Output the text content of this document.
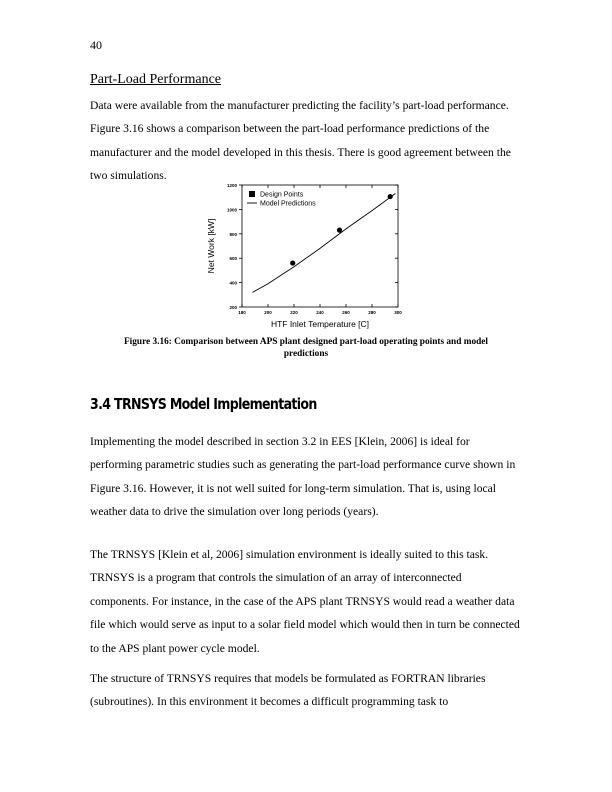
40
Part-Load Performance

Data were available from the manufacturer predicting the facility’s part-load performance. Figure 3.16 shows a comparison between the part-load performance predictions of the manufacturer and the model developed in this thesis. There is good agreement between the two simulations.

200
400
600
800
1000
1200
180	200	220	240	260	280	300
Design Points
Model Predictions
HTF Inlet Temperature [C]
Net Work [kW]
Figure 3.16: Comparison between APS plant designed part-load operating points and model predictions
3.4 TRNSYS Model Implementation

Implementing the model described in section 3.2 in EES [Klein, 2006] is ideal for performing parametric studies such as generating the part-load performance curve shown in Figure 3.16. However, it is not well suited for long-term simulation. That is, using local weather data to drive the simulation over long periods (years).

The TRNSYS [Klein et al, 2006] simulation environment is ideally suited to this task. TRNSYS is a program that controls the simulation of an array of interconnected components. For instance, in the case of the APS plant TRNSYS would read a weather data file which would serve as input to a solar field model which would then in turn be connected to the APS plant power cycle model.

The structure of TRNSYS requires that models be formulated as FORTRAN libraries (subroutines). In this environment it becomes a difficult programming task to
